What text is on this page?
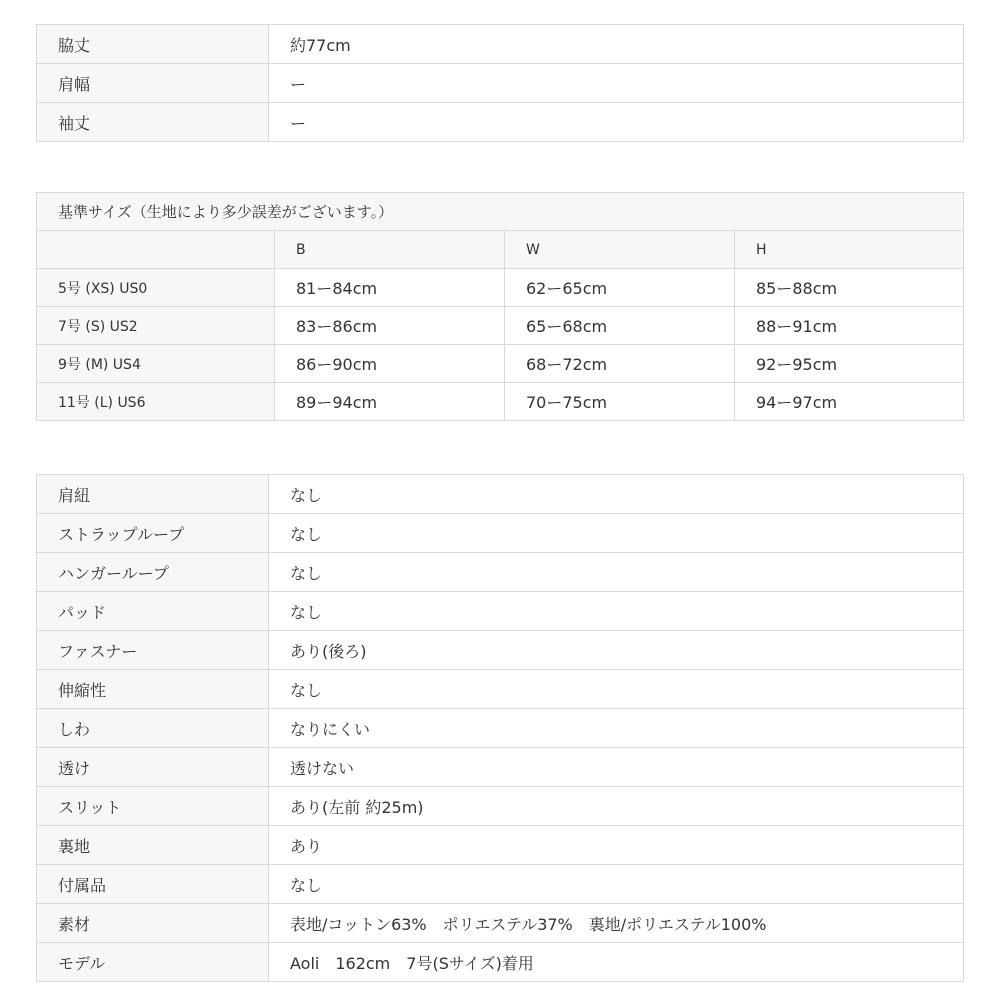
脇丈	約77cm
肩幅	ー
袖丈	ー
基準サイズ（生地により多少誤差がございます。）			
	B	W	H
5号 (XS) US0	81ー84cm	62ー65cm	85ー88cm
7号 (S) US2	83ー86cm	65ー68cm	88ー91cm
9号 (M) US4	86ー90cm	68ー72cm	92ー95cm
11号 (L) US6	89ー94cm	70ー75cm	94ー97cm
肩紐	なし
ストラップループ	なし
ハンガーループ	なし
パッド	なし
ファスナー	あり(後ろ)
伸縮性	なし
しわ	なりにくい
透け	透けない
スリット	あり(左前 約25m)
裏地	あり
付属品	なし
素材	表地/コットン63%　ポリエステル37%　裏地/ポリエステル100%
モデル	Aoli　162cm　7号(Sサイズ)着用
